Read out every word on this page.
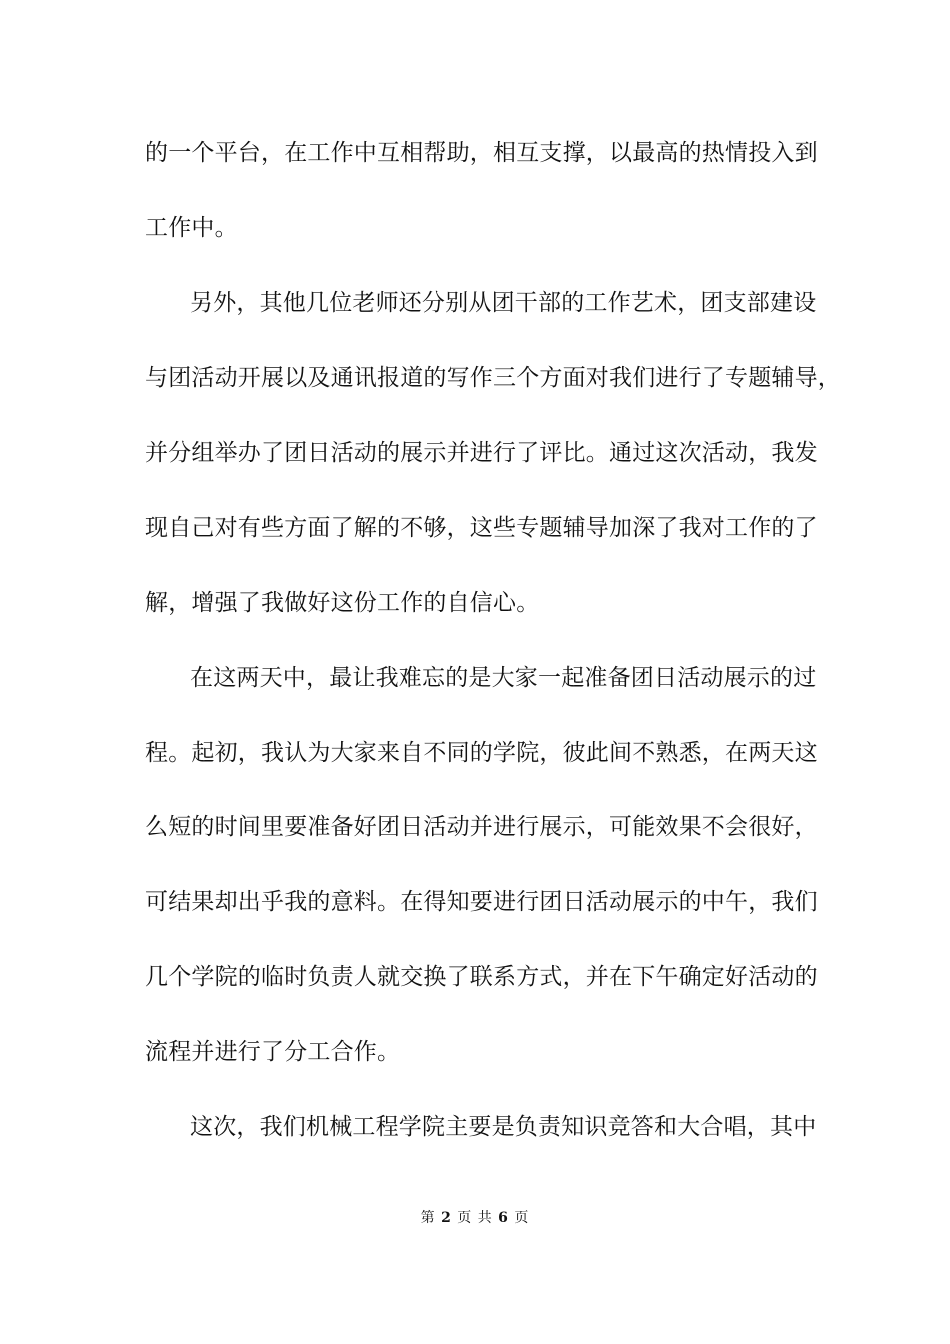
的一个平台，在工作中互相帮助，相互支撑，以最高的热情投入到
工作中。
另外，其他几位老师还分别从团干部的工作艺术，团支部建设
与团活动开展以及通讯报道的写作三个方面对我们进行了专题辅导，
并分组举办了团日活动的展示并进行了评比。通过这次活动，我发
现自己对有些方面了解的不够，这些专题辅导加深了我对工作的了
解，增强了我做好这份工作的自信心。
在这两天中，最让我难忘的是大家一起准备团日活动展示的过
程。起初，我认为大家来自不同的学院，彼此间不熟悉，在两天这
么短的时间里要准备好团日活动并进行展示，可能效果不会很好，
可结果却出乎我的意料。在得知要进行团日活动展示的中午，我们
几个学院的临时负责人就交换了联系方式，并在下午确定好活动的
流程并进行了分工合作。
这次，我们机械工程学院主要是负责知识竞答和大合唱，其中
第 2 页 共 6 页
